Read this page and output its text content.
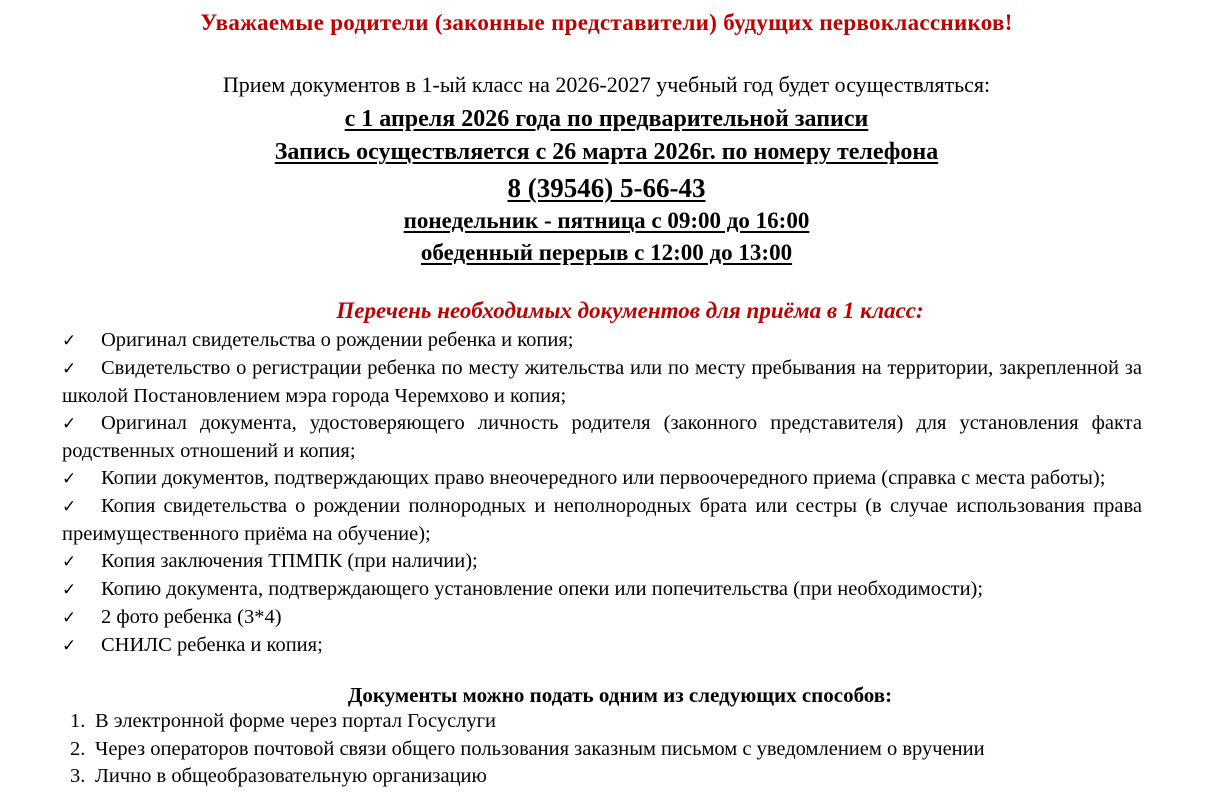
Уважаемые родители (законные представители) будущих первоклассников!
Прием документов в 1-ый класс на 2026-2027 учебный год будет осуществляться:
с 1 апреля 2026 года по предварительной записи
Запись осуществляется с 26 марта 2026г. по номеру телефона
8 (39546) 5-66-43
понедельник - пятница с 09:00 до 16:00
обеденный перерыв с 12:00 до 13:00
Перечень необходимых документов для приёма в 1 класс:
✓ Оригинал свидетельства о рождении ребенка и копия;
✓ Свидетельство о регистрации ребенка по месту жительства или по месту пребывания на территории, закрепленной за школой Постановлением мэра города Черемхово и копия;
✓ Оригинал документа, удостоверяющего личность родителя (законного представителя) для установления факта родственных отношений и копия;
✓ Копии документов, подтверждающих право внеочередного или первоочередного приема (справка с места работы);
✓ Копия свидетельства о рождении полнородных и неполнородных брата или сестры (в случае использования права преимущественного приёма на обучение);
✓ Копия заключения ТПМПК (при наличии);
✓ Копию документа, подтверждающего установление опеки или попечительства (при необходимости);
✓ 2 фото ребенка (3*4)
✓ СНИЛС ребенка и копия;
Документы можно подать одним из следующих способов:
1. В электронной форме через портал Госуслуги
2. Через операторов почтовой связи общего пользования заказным письмом с уведомлением о вручении
3. Лично в общеобразовательную организацию
